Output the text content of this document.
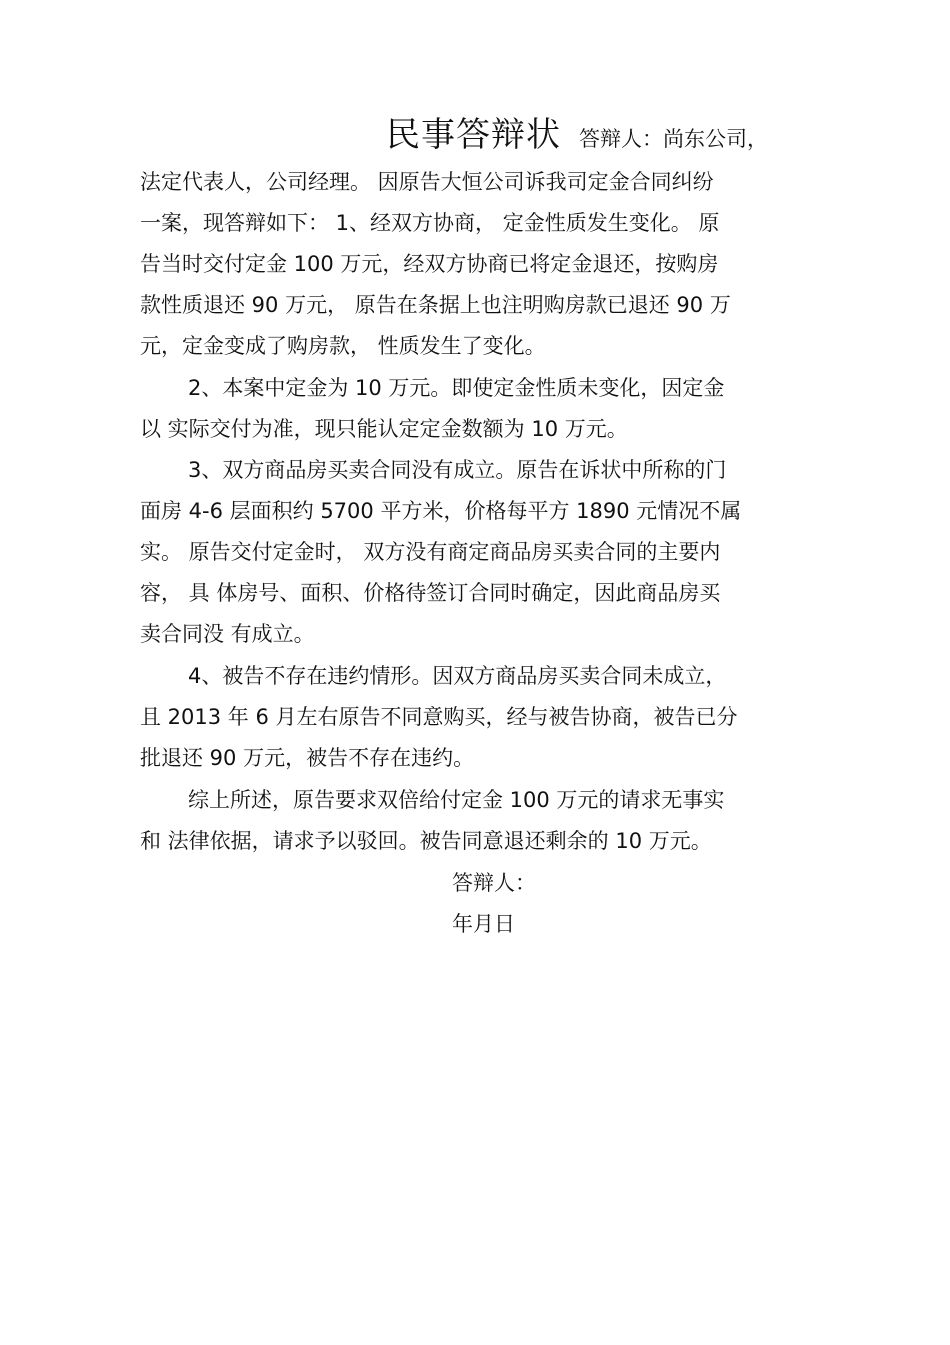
民事答辩状 答辩人：尚东公司，

法定代表人，公司经理。 因原告大恒公司诉我司定金合同纠纷

一案，现答辩如下： 1、经双方协商， 定金性质发生变化。 原

告当时交付定金 100 万元，经双方协商已将定金退还，按购房

款性质退还 90 万元， 原告在条据上也注明购房款已退还 90 万

元，定金变成了购房款， 性质发生了变化。

2、本案中定金为 10 万元。即使定金性质未变化，因定金

以 实际交付为准，现只能认定定金数额为 10 万元。

3、双方商品房买卖合同没有成立。原告在诉状中所称的门

面房 4-6 层面积约 5700 平方米，价格每平方 1890 元情况不属

实。 原告交付定金时， 双方没有商定商品房买卖合同的主要内

容， 具 体房号、面积、价格待签订合同时确定，因此商品房买

卖合同没 有成立。

4、被告不存在违约情形。因双方商品房买卖合同未成立，

且 2013 年 6 月左右原告不同意购买，经与被告协商，被告已分

批退还 90 万元，被告不存在违约。

综上所述，原告要求双倍给付定金 100 万元的请求无事实

和 法律依据，请求予以驳回。被告同意退还剩余的 10 万元。

答辩人：

年月日
